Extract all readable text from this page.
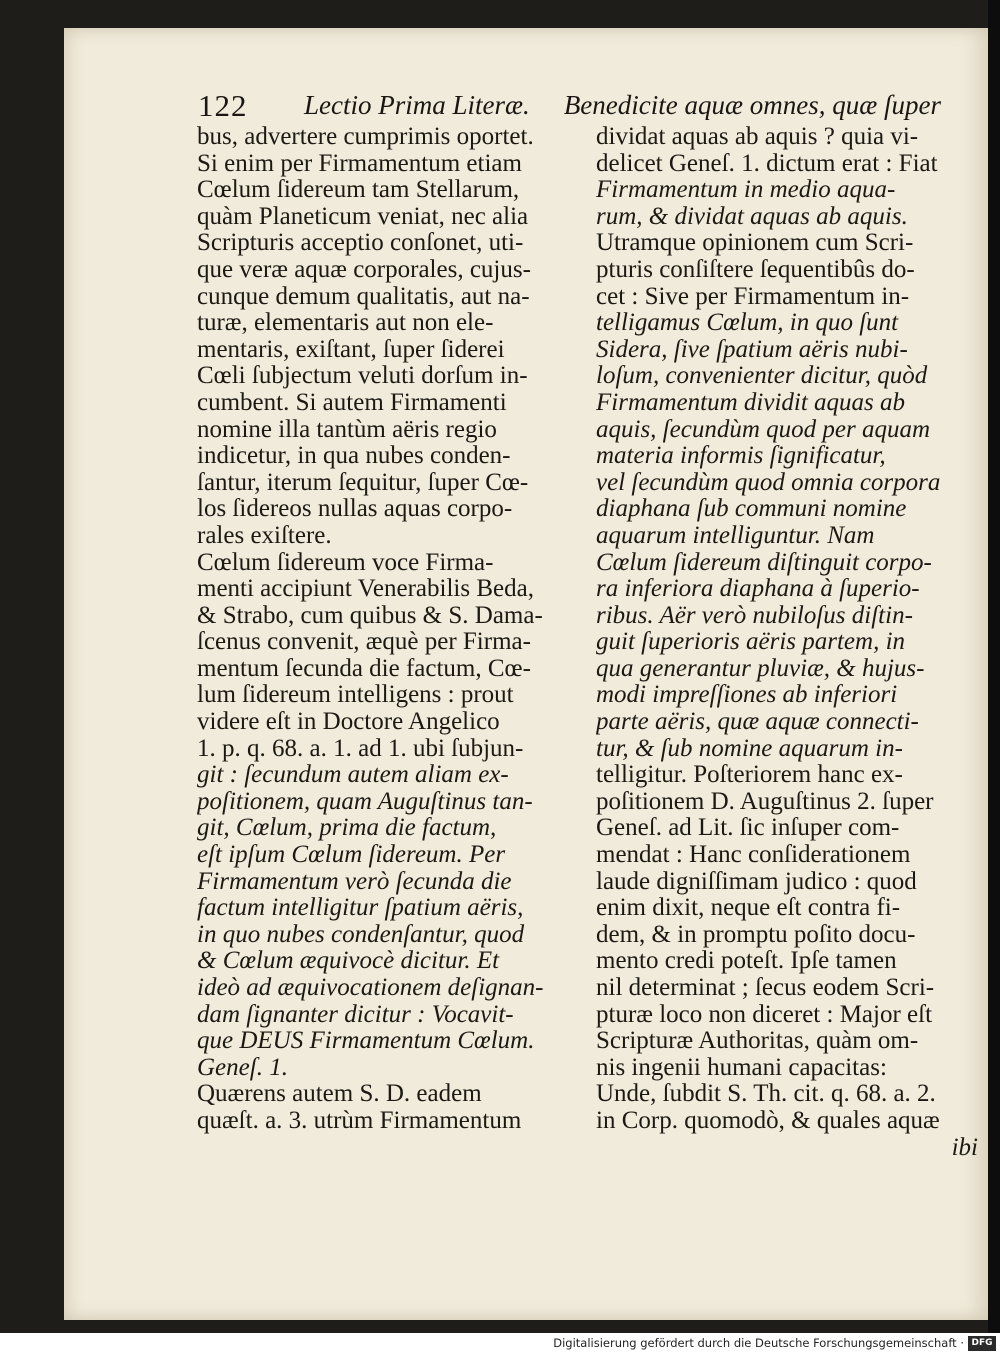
122 Lectio Prima Literæ. Benedicite aquæ omnes, quæ ſuper
bus, advertere cumprimis oportet.
Si enim per Firmamentum etiam
Cœlum ſidereum tam Stellarum,
quàm Planeticum veniat, nec alia
Scripturis acceptio conſonet, uti-
que veræ aquæ corporales, cujus-
cunque demum qualitatis, aut na-
turæ, elementaris aut non ele-
mentaris, exiſtant, ſuper ſiderei
Cœli ſubjectum veluti dorſum in-
cumbent. Si autem Firmamenti
nomine illa tantùm aëris regio
indicetur, in qua nubes conden-
ſantur, iterum ſequitur, ſuper Cœ-
los ſidereos nullas aquas corpo-
rales exiſtere.
Cœlum ſidereum voce Firma-
menti accipiunt Venerabilis Beda,
& Strabo, cum quibus & S. Dama-
ſcenus convenit, æquè per Firma-
mentum ſecunda die factum, Cœ-
lum ſidereum intelligens : prout
videre eſt in Doctore Angelico
1. p. q. 68. a. 1. ad 1. ubi ſubjun-
git : ſecundum autem aliam ex-
poſitionem, quam Auguſtinus tan-
git, Cœlum, prima die factum,
eſt ipſum Cœlum ſidereum. Per
Firmamentum verò ſecunda die
factum intelligitur ſpatium aëris,
in quo nubes condenſantur, quod
& Cœlum æquivocè dicitur. Et
ideò ad æquivocationem deſignan-
dam ſignanter dicitur : Vocavit-
que DEUS Firmamentum Cœlum.
Geneſ. 1.
Quærens autem S. D. eadem
quæſt. a. 3. utrùm Firmamentum
dividat aquas ab aquis ? quia vi-
delicet Geneſ. 1. dictum erat : Fiat
Firmamentum in medio aqua-
rum, & dividat aquas ab aquis.
Utramque opinionem cum Scri-
pturis conſiſtere ſequentibûs do-
cet : Sive per Firmamentum in-
telligamus Cœlum, in quo ſunt
Sidera, ſive ſpatium aëris nubi-
loſum, convenienter dicitur, quòd
Firmamentum dividit aquas ab
aquis, ſecundùm quod per aquam
materia informis ſignificatur,
vel ſecundùm quod omnia corpora
diaphana ſub communi nomine
aquarum intelliguntur. Nam
Cœlum ſidereum diſtinguit corpo-
ra inferiora diaphana à ſuperio-
ribus. Aër verò nubiloſus diſtin-
guit ſuperioris aëris partem, in
qua generantur pluviæ, & hujus-
modi impreſſiones ab inferiori
parte aëris, quæ aquæ connecti-
tur, & ſub nomine aquarum in-
telligitur. Poſteriorem hanc ex-
poſitionem D. Auguſtinus 2. ſuper
Geneſ. ad Lit. ſic inſuper com-
mendat : Hanc conſiderationem
laude digniſſimam judico : quod
enim dixit, neque eſt contra fi-
dem, & in promptu poſito docu-
mento credi poteſt. Ipſe tamen
nil determinat ; ſecus eodem Scri-
pturæ loco non diceret : Major eſt
Scripturæ Authoritas, quàm om-
nis ingenii humani capacitas:
Unde, ſubdit S. Th. cit. q. 68. a. 2.
in Corp. quomodò, & quales aquæ
ibi
Digitalisierung gefördert durch die Deutsche Forschungsgemeinschaft · DFG
